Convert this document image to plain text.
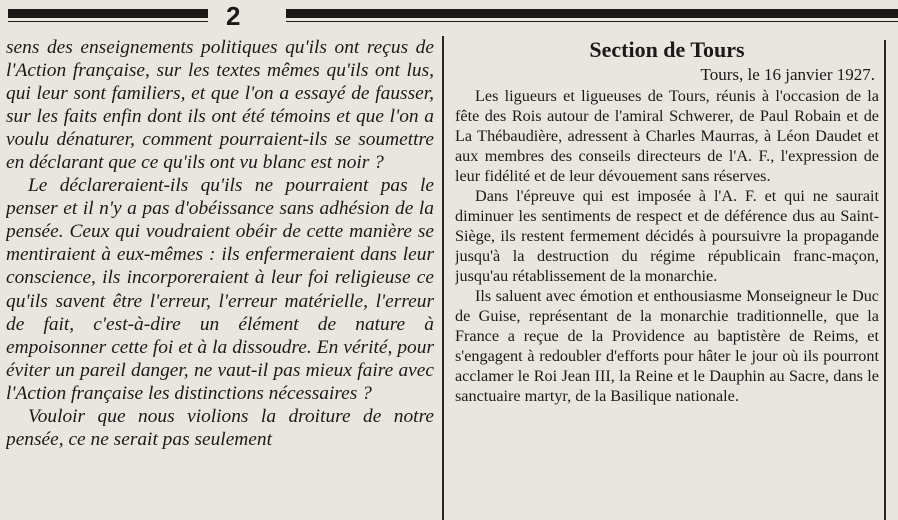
2

sens des enseignements politiques qu'ils ont reçus de l'Action française, sur les textes mêmes qu'ils ont lus, qui leur sont familiers, et que l'on a essayé de fausser, sur les faits enfin dont ils ont été témoins et que l'on a voulu dénaturer, comment pourraient-ils se soumettre en déclarant que ce qu'ils ont vu blanc est noir ?

Le déclareraient-ils qu'ils ne pourraient pas le penser et il n'y a pas d'obéissance sans adhésion de la pensée. Ceux qui voudraient obéir de cette manière se mentiraient à eux-mêmes : ils enfermeraient dans leur conscience, ils incorporeraient à leur foi religieuse ce qu'ils savent être l'erreur, l'erreur matérielle, l'erreur de fait, c'est-à-dire un élément de nature à empoisonner cette foi et à la dissoudre. En vérité, pour éviter un pareil danger, ne vaut-il pas mieux faire avec l'Action française les distinctions nécessaires ?

Vouloir que nous violions la droiture de notre pensée, ce ne serait pas seulement

Section de Tours

Tours, le 16 janvier 1927.

Les ligueurs et ligueuses de Tours, réunis à l'occasion de la fête des Rois autour de l'amiral Schwerer, de Paul Robain et de La Thébaudière, adressent à Charles Maurras, à Léon Daudet et aux membres des conseils directeurs de l'A. F., l'expression de leur fidélité et de leur dévouement sans réserves.

Dans l'épreuve qui est imposée à l'A. F. et qui ne saurait diminuer les sentiments de respect et de déférence dus au Saint-Siège, ils restent fermement décidés à poursuivre la propagande jusqu'à la destruction du régime républicain franc-maçon, jusqu'au rétablissement de la monarchie.

Ils saluent avec émotion et enthousiasme Monseigneur le Duc de Guise, représentant de la monarchie traditionnelle, que la France a reçue de la Providence au baptistère de Reims, et s'engagent à redoubler d'efforts pour hâter le jour où ils pourront acclamer le Roi Jean III, la Reine et le Dauphin au Sacre, dans le sanctuaire martyr, de la Basilique nationale.
